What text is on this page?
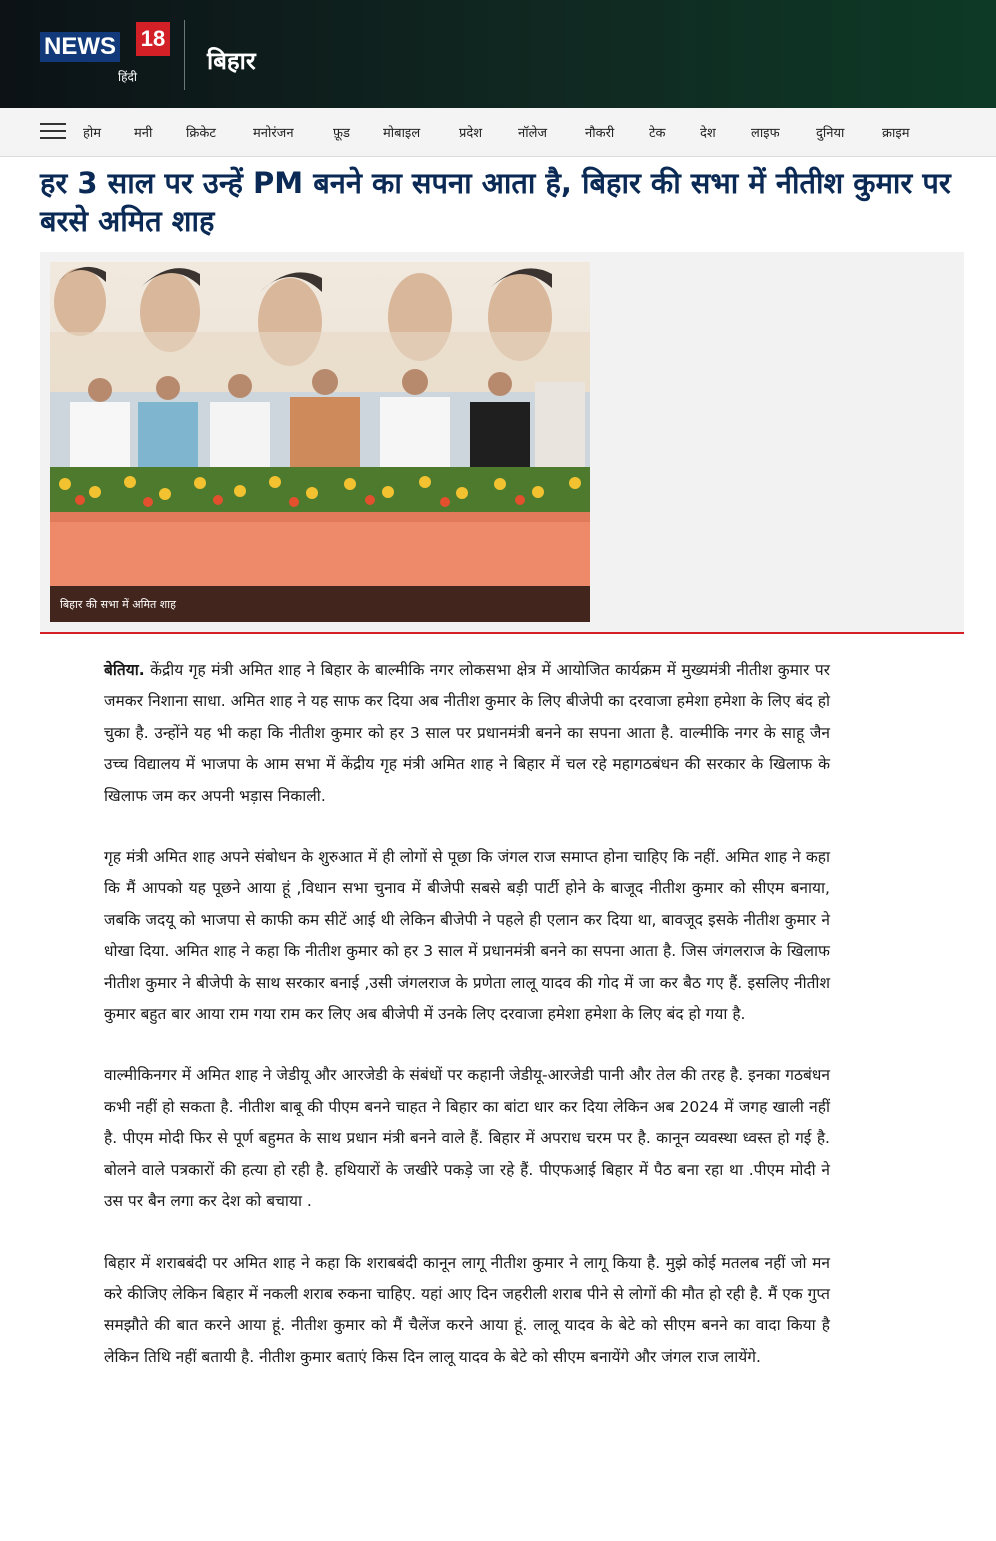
NEWS 18
हिंदी
बिहार
होम	मनी	क्रिकेट	मनोरंजन	फ़ूड	मोबाइल	प्रदेश	नॉलेज	नौकरी	टेक	देश	लाइफ	दुनिया	क्राइम
हर 3 साल पर उन्हें PM बनने का सपना आता है, बिहार की सभा में नीतीश कुमार पर बरसे अमित शाह
बिहार की सभा में अमित शाह

बेतिया. केंद्रीय गृह मंत्री अमित शाह ने बिहार के बाल्मीकि नगर लोकसभा क्षेत्र में आयोजित कार्यक्रम में मुख्यमंत्री नीतीश कुमार पर जमकर निशाना साधा. अमित शाह ने यह साफ कर दिया अब नीतीश कुमार के लिए बीजेपी का दरवाजा हमेशा हमेशा के लिए बंद हो चुका है. उन्होंने यह भी कहा कि नीतीश कुमार को हर 3 साल पर प्रधानमंत्री बनने का सपना आता है. वाल्मीकि नगर के साहू जैन उच्च विद्यालय में भाजपा के आम सभा में केंद्रीय गृह मंत्री अमित शाह ने बिहार में चल रहे महागठबंधन की सरकार के खिलाफ के खिलाफ जम कर अपनी भड़ास निकाली.

गृह मंत्री अमित शाह अपने संबोधन के शुरुआत में ही लोगों से पूछा कि जंगल राज समाप्त होना चाहिए कि नहीं. अमित शाह ने कहा कि मैं आपको यह पूछने आया हूं ,विधान सभा चुनाव में बीजेपी सबसे बड़ी पार्टी होने के बाजूद नीतीश कुमार को सीएम बनाया, जबकि जदयू को भाजपा से काफी कम सीटें आई थी लेकिन बीजेपी ने पहले ही एलान कर दिया था, बावजूद इसके नीतीश कुमार ने धोखा दिया. अमित शाह ने कहा कि नीतीश कुमार को हर 3 साल में प्रधानमंत्री बनने का सपना आता है. जिस जंगलराज के खिलाफ नीतीश कुमार ने बीजेपी के साथ सरकार बनाई ,उसी जंगलराज के प्रणेता लालू यादव की गोद में जा कर बैठ गए हैं. इसलिए नीतीश कुमार बहुत बार आया राम गया राम कर लिए अब बीजेपी में उनके लिए दरवाजा हमेशा हमेशा के लिए बंद हो गया है.

वाल्मीकिनगर में अमित शाह ने जेडीयू और आरजेडी के संबंधों पर कहानी जेडीयू-आरजेडी पानी और तेल की तरह है. इनका गठबंधन कभी नहीं हो सकता है. नीतीश बाबू की पीएम बनने चाहत ने बिहार का बांटा धार कर दिया लेकिन अब 2024 में जगह खाली नहीं है. पीएम मोदी फिर से पूर्ण बहुमत के साथ प्रधान मंत्री बनने वाले हैं. बिहार में अपराध चरम पर है. कानून व्यवस्था ध्वस्त हो गई है. बोलने वाले पत्रकारों की हत्या हो रही है. हथियारों के जखीरे पकड़े जा रहे हैं. पीएफआई बिहार में पैठ बना रहा था .पीएम मोदी ने उस पर बैन लगा कर देश को बचाया .

बिहार में शराबबंदी पर अमित शाह ने कहा कि शराबबंदी कानून लागू नीतीश कुमार ने लागू किया है. मुझे कोई मतलब नहीं जो मन करे कीजिए लेकिन बिहार में नकली शराब रुकना चाहिए. यहां आए दिन जहरीली शराब पीने से लोगों की मौत हो रही है. मैं एक गुप्त समझौते की बात करने आया हूं. नीतीश कुमार को मैं चैलेंज करने आया हूं. लालू यादव के बेटे को सीएम बनने का वादा किया है लेकिन तिथि नहीं बतायी है. नीतीश कुमार बताएं किस दिन लालू यादव के बेटे को सीएम बनायेंगे और जंगल राज लायेंगे.
